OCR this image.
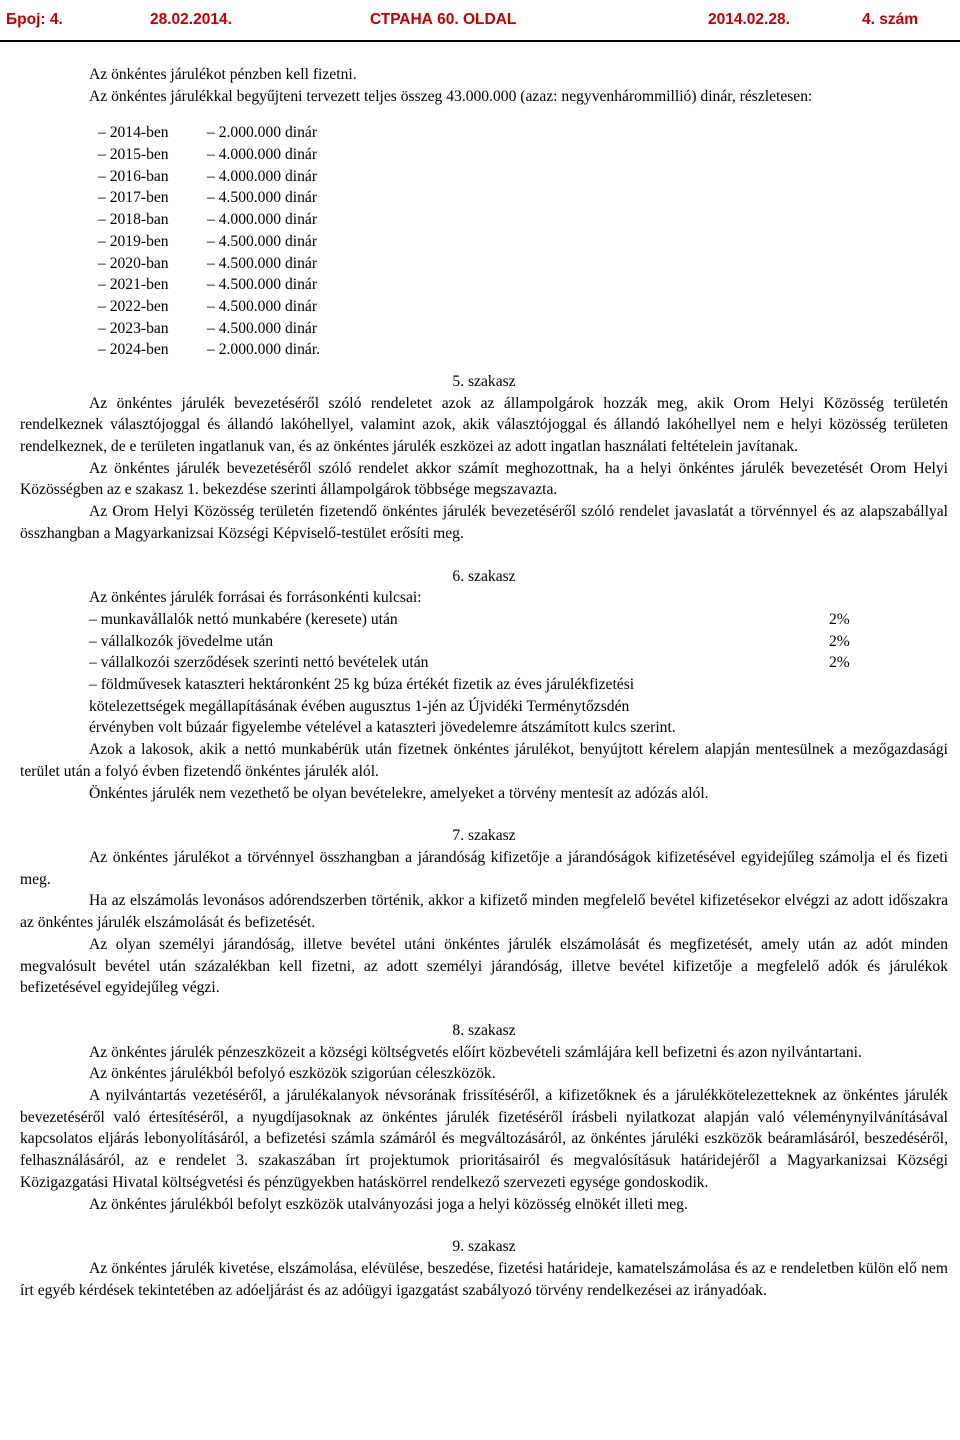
Број: 4.	28.02.2014.	СТРАНА 60. OLDAL	2014.02.28.	4. szám

Az önkéntes járulékot pénzben kell fizetni.

Az önkéntes járulékkal begyűjteni tervezett teljes összeg 43.000.000 (azaz: negyvenhárommillió) dinár, részletesen:

– 2014-ben – 2.000.000 dinár
– 2015-ben – 4.000.000 dinár
– 2016-ban – 4.000.000 dinár
– 2017-ben – 4.500.000 dinár
– 2018-ban – 4.000.000 dinár
– 2019-ben – 4.500.000 dinár
– 2020-ban – 4.500.000 dinár
– 2021-ben – 4.500.000 dinár
– 2022-ben – 4.500.000 dinár
– 2023-ban – 4.500.000 dinár
– 2024-ben – 2.000.000 dinár.

5. szakasz

Az önkéntes járulék bevezetéséről szóló rendeletet azok az állampolgárok hozzák meg, akik Orom Helyi Közösség területén rendelkeznek választójoggal és állandó lakóhellyel, valamint azok, akik választójoggal és állandó lakóhellyel nem e helyi közösség területen rendelkeznek, de e területen ingatlanuk van, és az önkéntes járulék eszközei az adott ingatlan használati feltételein javítanak.

Az önkéntes járulék bevezetéséről szóló rendelet akkor számít meghozottnak, ha a helyi önkéntes járulék bevezetését Orom Helyi Közösségben az e szakasz 1. bekezdése szerinti állampolgárok többsége megszavazta.

Az Orom Helyi Közösség területén fizetendő önkéntes járulék bevezetéséről szóló rendelet javaslatát a törvénnyel és az alapszabállyal összhangban a Magyarkanizsai Községi Képviselő-testület erősíti meg.

6. szakasz

Az önkéntes járulék forrásai és forrásonkénti kulcsai:

– munkavállalók nettó munkabére (keresete) után	2%
– vállalkozók jövedelme után	2%
– vállalkozói szerződések szerinti nettó bevételek után	2%

– földművesek kataszteri hektáronként 25 kg búza értékét fizetik az éves járulékfizetési

kötelezettségek megállapításának évében augusztus 1-jén az Újvidéki Terménytőzsdén

érvényben volt búzaár figyelembe vételével a kataszteri jövedelemre átszámított kulcs szerint.

Azok a lakosok, akik a nettó munkabérük után fizetnek önkéntes járulékot, benyújtott kérelem alapján mentesülnek a mezőgazdasági terület után a folyó évben fizetendő önkéntes járulék alól.

Önkéntes járulék nem vezethető be olyan bevételekre, amelyeket a törvény mentesít az adózás alól.

7. szakasz

Az önkéntes járulékot a törvénnyel összhangban a járandóság kifizetője a járandóságok kifizetésével egyidejűleg számolja el és fizeti meg.

Ha az elszámolás levonásos adórendszerben történik, akkor a kifizető minden megfelelő bevétel kifizetésekor elvégzi az adott időszakra az önkéntes járulék elszámolását és befizetését.

Az olyan személyi járandóság, illetve bevétel utáni önkéntes járulék elszámolását és megfizetését, amely után az adót minden megvalósult bevétel után százalékban kell fizetni, az adott személyi járandóság, illetve bevétel kifizetője a megfelelő adók és járulékok befizetésével egyidejűleg végzi.

8. szakasz

Az önkéntes járulék pénzeszközeit a községi költségvetés előírt közbevételi számlájára kell befizetni és azon nyilvántartani.

Az önkéntes járulékból befolyó eszközök szigorúan céleszközök.

A nyilvántartás vezetéséről, a járulékalanyok névsorának frissítéséről, a kifizetőknek és a járulékkötelezetteknek az önkéntes járulék bevezetéséről való értesítéséről, a nyugdíjasoknak az önkéntes járulék fizetéséről írásbeli nyilatkozat alapján való véleménynyilvánításával kapcsolatos eljárás lebonyolításáról, a befizetési számla számáról és megváltozásáról, az önkéntes járuléki eszközök beáramlásáról, beszedéséről, felhasználásáról, az e rendelet 3. szakaszában írt projektumok prioritásairól és megvalósításuk határidejéről a Magyarkanizsai Községi Közigazgatási Hivatal költségvetési és pénzügyekben hatáskörrel rendelkező szervezeti egysége gondoskodik.

Az önkéntes járulékból befolyt eszközök utalványozási joga a helyi közösség elnökét illeti meg.

9. szakasz

Az önkéntes járulék kivetése, elszámolása, elévülése, beszedése, fizetési határideje, kamatelszámolása és az e rendeletben külön elő nem írt egyéb kérdések tekintetében az adóeljárást és az adóügyi igazgatást szabályozó törvény rendelkezései az irányadóak.
